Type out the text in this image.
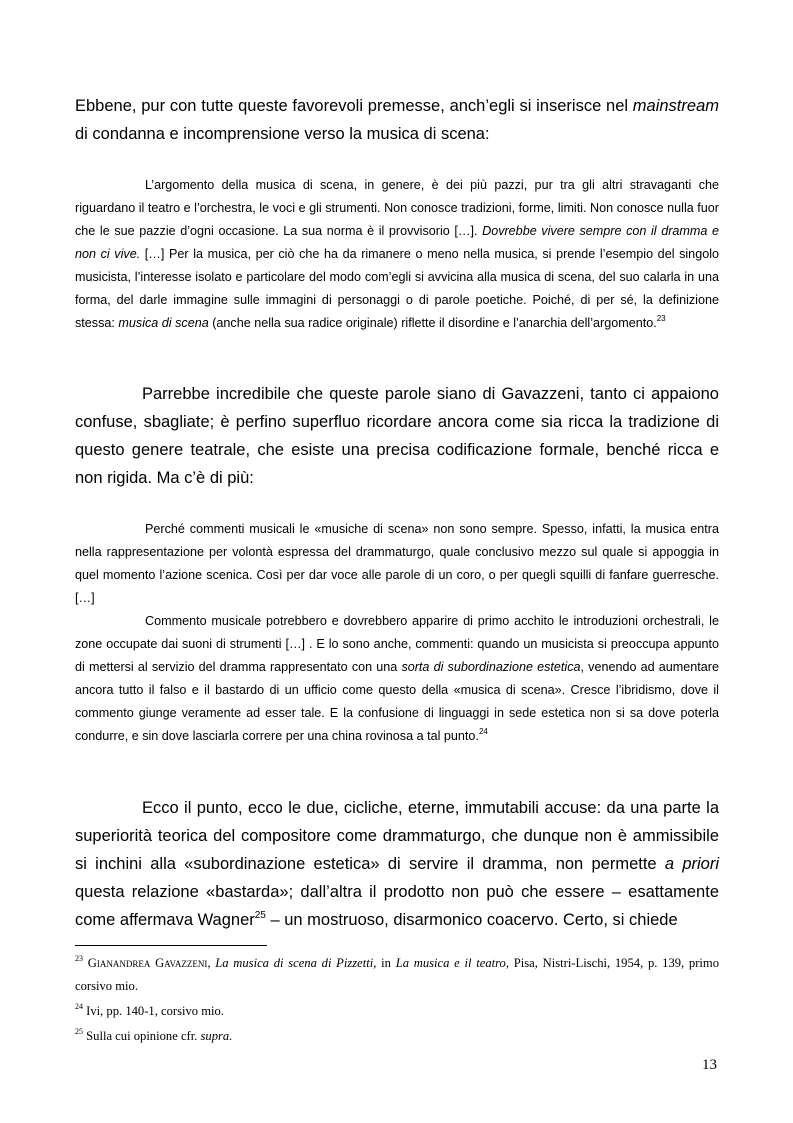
Ebbene, pur con tutte queste favorevoli premesse, anch’egli si inserisce nel mainstream di condanna e incomprensione verso la musica di scena:

L’argomento della musica di scena, in genere, è dei più pazzi, pur tra gli altri stravaganti che riguardano il teatro e l’orchestra, le voci e gli strumenti. Non conosce tradizioni, forme, limiti. Non conosce nulla fuor che le sue pazzie d’ogni occasione. La sua norma è il provvisorio […]. Dovrebbe vivere sempre con il dramma e non ci vive. […] Per la musica, per ciò che ha da rimanere o meno nella musica, si prende l’esempio del singolo musicista, l’interesse isolato e particolare del modo com’egli si avvicina alla musica di scena, del suo calarla in una forma, del darle immagine sulle immagini di personaggi o di parole poetiche. Poiché, di per sé, la definizione stessa: musica di scena (anche nella sua radice originale) riflette il disordine e l’anarchia dell’argomento.$^{23}$

Parrebbe incredibile che queste parole siano di Gavazzeni, tanto ci appaiono confuse, sbagliate; è perfino superfluo ricordare ancora come sia ricca la tradizione di questo genere teatrale, che esiste una precisa codificazione formale, benché ricca e non rigida. Ma c’è di più:

Perché commenti musicali le «musiche di scena» non sono sempre. Spesso, infatti, la musica entra nella rappresentazione per volontà espressa del drammaturgo, quale conclusivo mezzo sul quale si appoggia in quel momento l’azione scenica. Così per dar voce alle parole di un coro, o per quegli squilli di fanfare guerresche. […]

Commento musicale potrebbero e dovrebbero apparire di primo acchito le introduzioni orchestrali, le zone occupate dai suoni di strumenti […] . E lo sono anche, commenti: quando un musicista si preoccupa appunto di mettersi al servizio del dramma rappresentato con una sorta di subordinazione estetica, venendo ad aumentare ancora tutto il falso e il bastardo di un ufficio come questo della «musica di scena». Cresce l’ibridismo, dove il commento giunge veramente ad esser tale. E la confusione di linguaggi in sede estetica non si sa dove poterla condurre, e sin dove lasciarla correre per una china rovinosa a tal punto.$^{24}$

Ecco il punto, ecco le due, cicliche, eterne, immutabili accuse: da una parte la superiorità teorica del compositore come drammaturgo, che dunque non è ammissibile si inchini alla «subordinazione estetica» di servire il dramma, non permette a priori questa relazione «bastarda»; dall’altra il prodotto non può che essere – esattamente come affermava Wagner$^{25}$ – un mostruoso, disarmonico coacervo. Certo, si chiede

$^{23}$ Gianandrea Gavazzeni, La musica di scena di Pizzetti, in La musica e il teatro, Pisa, Nistri-Lischi, 1954, p. 139, primo corsivo mio.

$^{24}$ Ivi, pp. 140-1, corsivo mio.

$^{25}$ Sulla cui opinione cfr. supra.

13
